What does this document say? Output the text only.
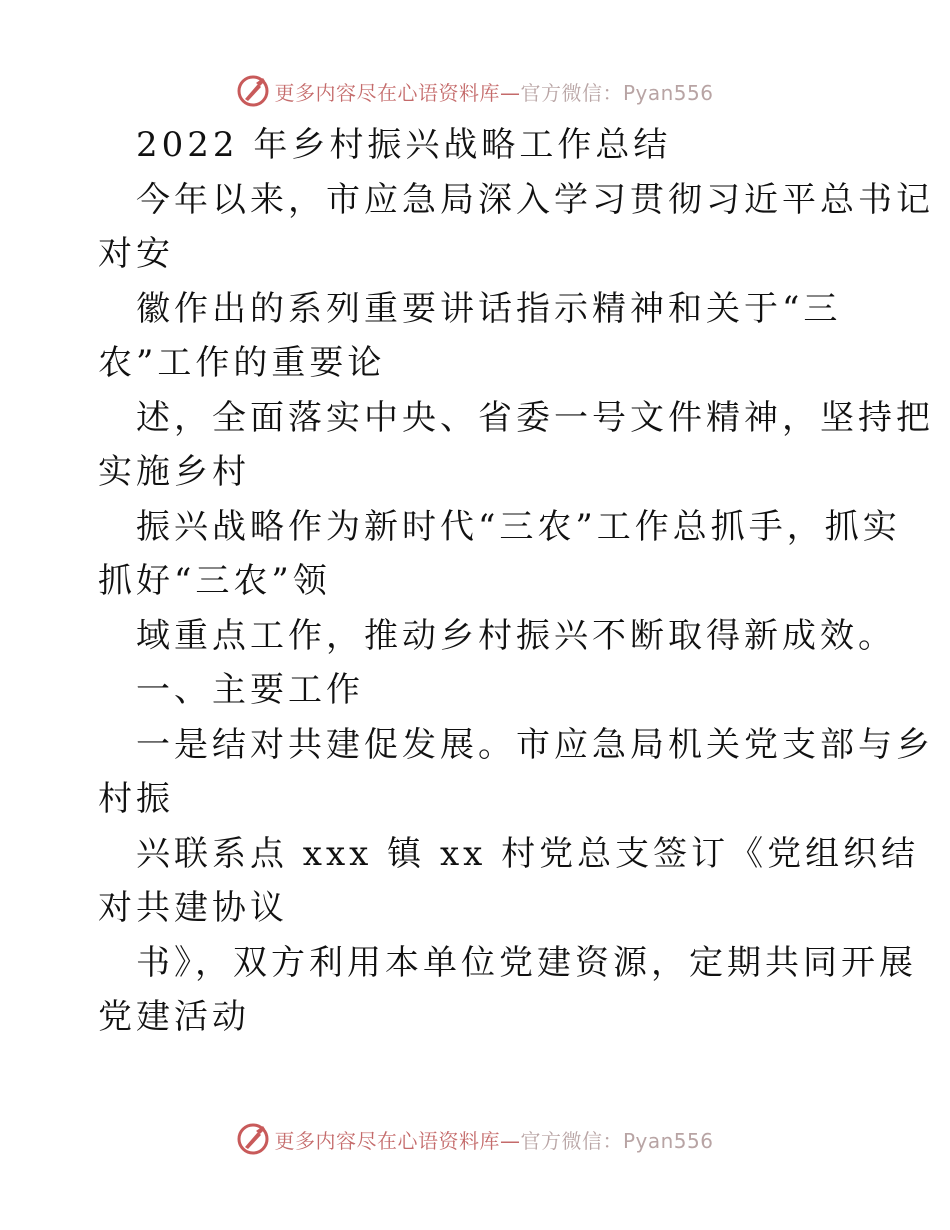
更多内容尽在心语资料库— 官方微信：Pyan556
2022 年乡村振兴战略工作总结
今年以来，市应急局深入学习贯彻习近平总书记
对安
徽作出的系列重要讲话指示精神和关于“三
农”工作的重要论
述，全面落实中央、省委一号文件精神，坚持把
实施乡村
振兴战略作为新时代“三农”工作总抓手，抓实
抓好“三农”领
域重点工作，推动乡村振兴不断取得新成效。
一、主要工作
一是结对共建促发展。市应急局机关党支部与乡
村振
兴联系点 xxx 镇 xx 村党总支签订《党组织结
对共建协议
书》，双方利用本单位党建资源，定期共同开展
党建活动
更多内容尽在心语资料库— 官方微信：Pyan556
